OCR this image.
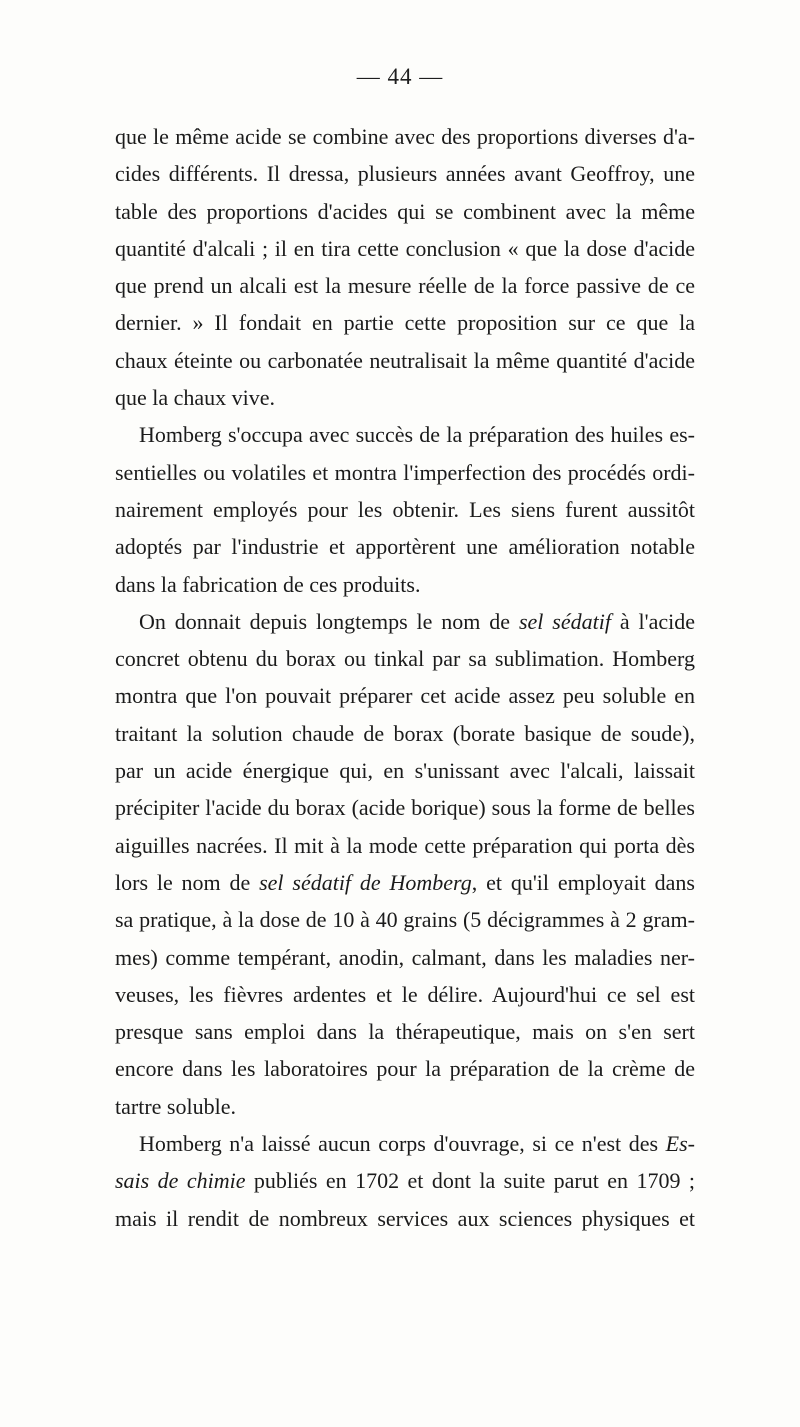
— 44 —
que le même acide se combine avec des proportions diverses d'a-
cides différents. Il dressa, plusieurs années avant Geoffroy, une
table des proportions d'acides qui se combinent avec la même
quantité d'alcali ; il en tira cette conclusion « que la dose d'acide
que prend un alcali est la mesure réelle de la force passive de ce
dernier. » Il fondait en partie cette proposition sur ce que la
chaux éteinte ou carbonatée neutralisait la même quantité d'acide
que la chaux vive.
Homberg s'occupa avec succès de la préparation des huiles es-
sentielles ou volatiles et montra l'imperfection des procédés ordi-
nairement employés pour les obtenir. Les siens furent aussitôt
adoptés par l'industrie et apportèrent une amélioration notable
dans la fabrication de ces produits.
On donnait depuis longtemps le nom de sel sédatif à l'acide
concret obtenu du borax ou tinkal par sa sublimation. Homberg
montra que l'on pouvait préparer cet acide assez peu soluble en
traitant la solution chaude de borax (borate basique de soude),
par un acide énergique qui, en s'unissant avec l'alcali, laissait
précipiter l'acide du borax (acide borique) sous la forme de belles
aiguilles nacrées. Il mit à la mode cette préparation qui porta dès
lors le nom de sel sédatif de Homberg, et qu'il employait dans
sa pratique, à la dose de 10 à 40 grains (5 décigrammes à 2 gram-
mes) comme tempérant, anodin, calmant, dans les maladies ner-
veuses, les fièvres ardentes et le délire. Aujourd'hui ce sel est
presque sans emploi dans la thérapeutique, mais on s'en sert
encore dans les laboratoires pour la préparation de la crème de
tartre soluble.
Homberg n'a laissé aucun corps d'ouvrage, si ce n'est des Es-
sais de chimie publiés en 1702 et dont la suite parut en 1709 ;
mais il rendit de nombreux services aux sciences physiques et
